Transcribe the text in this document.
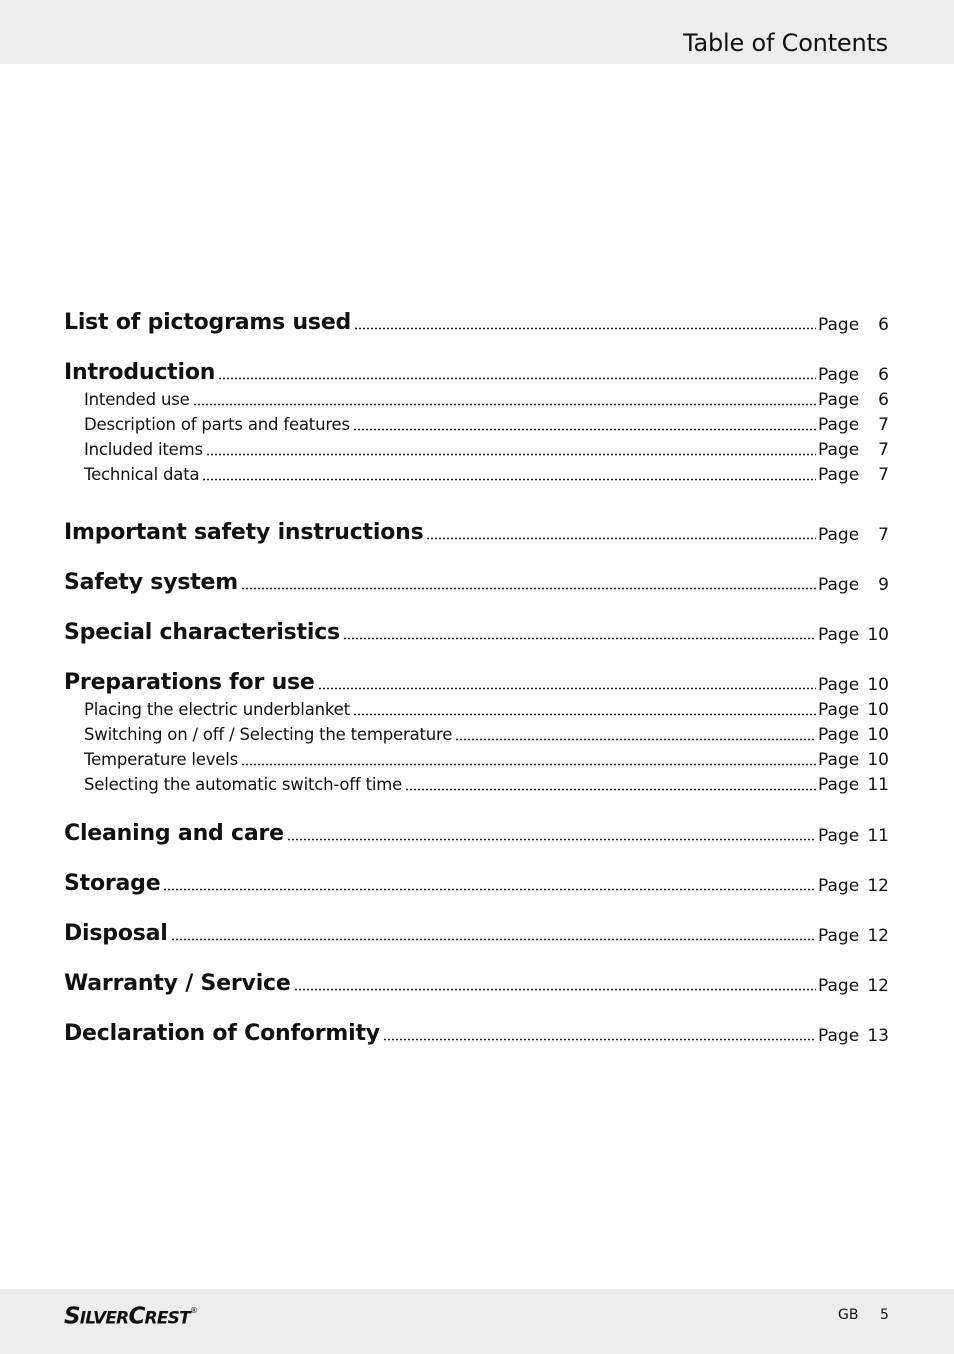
Table of Contents
List of pictograms used	Page	6
Introduction	Page	6
Intended use	Page	6
Description of parts and features	Page	7
Included items	Page	7
Technical data	Page	7
Important safety instructions	Page	7
Safety system	Page	9
Special characteristics	Page 10
Preparations for use	Page 10
Placing the electric underblanket	Page 10
Switching on / off / Selecting the temperature	Page 10
Temperature levels	Page 10
Selecting the automatic switch-off time	Page 11
Cleaning and care	Page 11
Storage	Page 12
Disposal	Page 12
Warranty / Service	Page 12
Declaration of Conformity	Page 13
SILVERCREST®	GB 5
